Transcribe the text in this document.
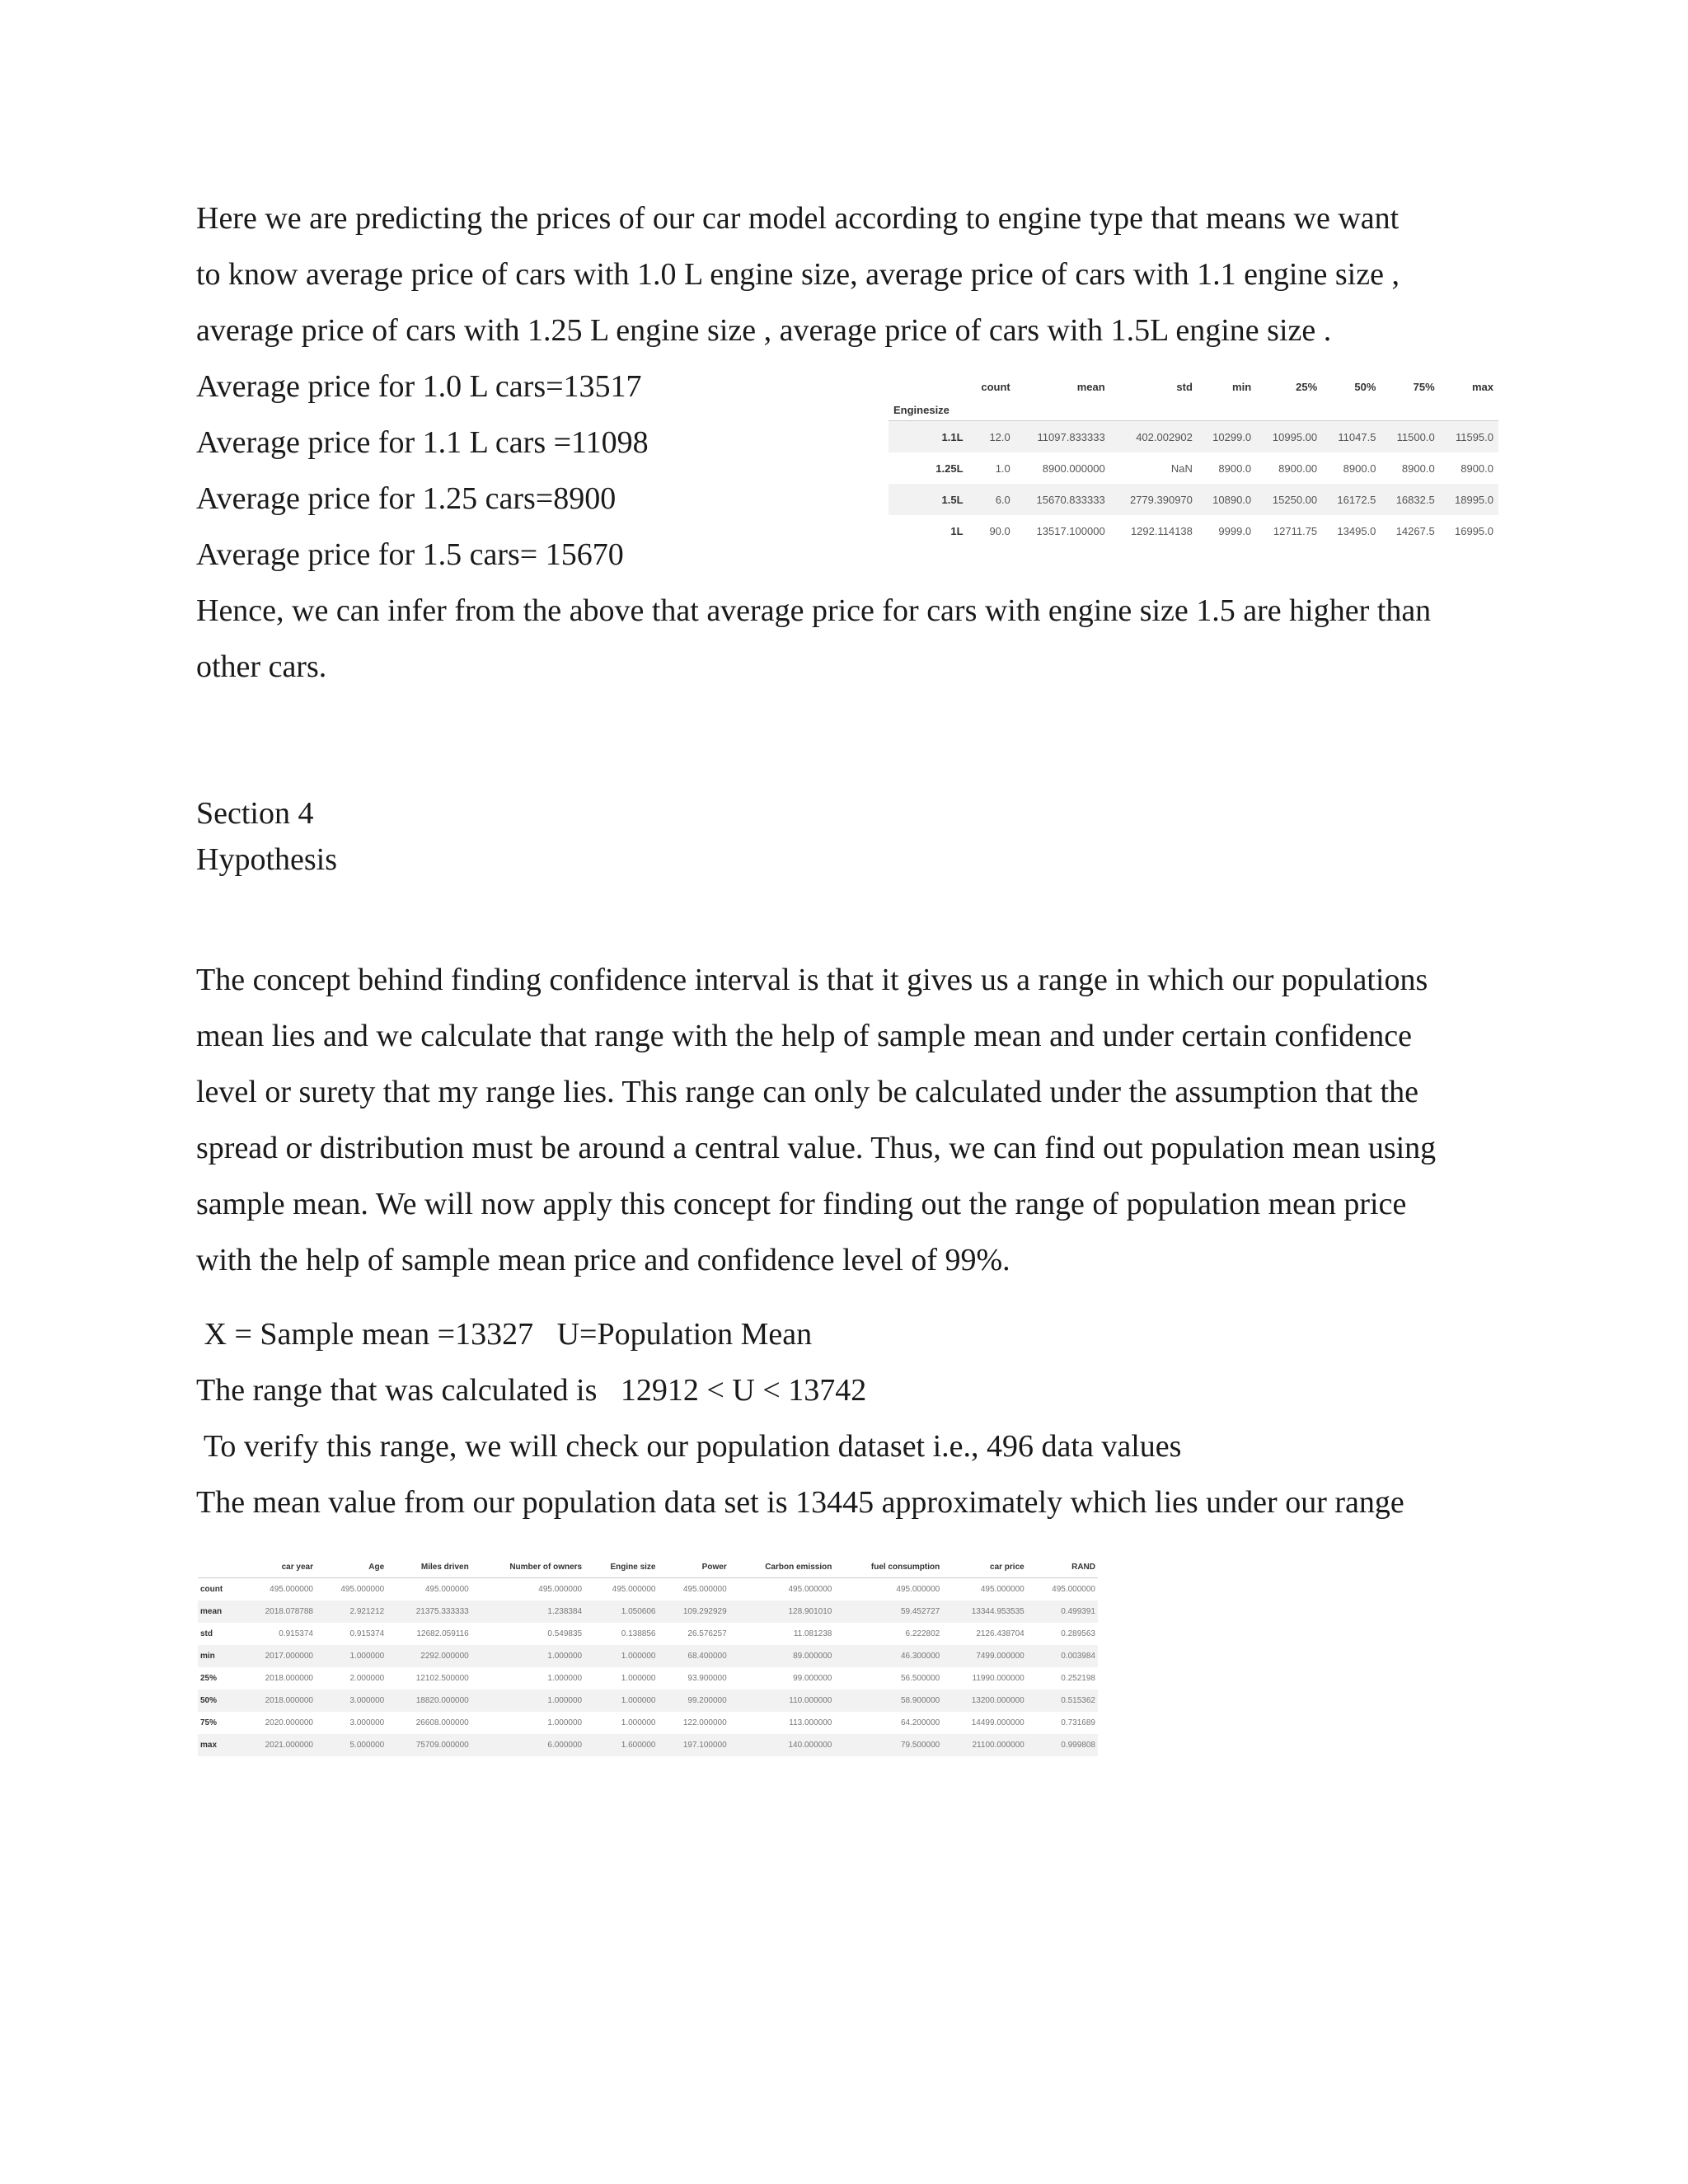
Here we are predicting the prices of our car model according to engine type that means we want
to know average price of cars with 1.0 L engine size, average price of cars with 1.1 engine size ,
average price of cars with 1.25 L engine size , average price of cars with 1.5L engine size .
Average price for 1.0 L cars=13517
Average price for 1.1 L cars =11098
Average price for 1.25 cars=8900
Average price for 1.5 cars= 15670
Hence, we can infer from the above that average price for cars with engine size 1.5 are higher than
other cars.
	count	mean	std	min	25%	50%	75%	max
Enginesize								
1.1L	12.0	11097.833333	402.002902	10299.0	10995.00	11047.5	11500.0	11595.0
1.25L	1.0	8900.000000	NaN	8900.0	8900.00	8900.0	8900.0	8900.0
1.5L	6.0	15670.833333	2779.390970	10890.0	15250.00	16172.5	16832.5	18995.0
1L	90.0	13517.100000	1292.114138	9999.0	12711.75	13495.0	14267.5	16995.0
Section 4
Hypothesis
The concept behind finding confidence interval is that it gives us a range in which our populations
mean lies and we calculate that range with the help of sample mean and under certain confidence
level or surety that my range lies. This range can only be calculated under the assumption that the
spread or distribution must be around a central value. Thus, we can find out population mean using
sample mean. We will now apply this concept for finding out the range of population mean price
with the help of sample mean price and confidence level of 99%.
X = Sample mean =13327   U=Population Mean
The range that was calculated is   12912 < U < 13742
To verify this range, we will check our population dataset i.e., 496 data values
The mean value from our population data set is 13445 approximately which lies under our range
	car year	Age	Miles driven	Number of owners	Engine size	Power	Carbon emission	fuel consumption	car price	RAND
count	495.000000	495.000000	495.000000	495.000000	495.000000	495.000000	495.000000	495.000000	495.000000	495.000000
mean	2018.078788	2.921212	21375.333333	1.238384	1.050606	109.292929	128.901010	59.452727	13344.953535	0.499391
std	0.915374	0.915374	12682.059116	0.549835	0.138856	26.576257	11.081238	6.222802	2126.438704	0.289563
min	2017.000000	1.000000	2292.000000	1.000000	1.000000	68.400000	89.000000	46.300000	7499.000000	0.003984
25%	2018.000000	2.000000	12102.500000	1.000000	1.000000	93.900000	99.000000	56.500000	11990.000000	0.252198
50%	2018.000000	3.000000	18820.000000	1.000000	1.000000	99.200000	110.000000	58.900000	13200.000000	0.515362
75%	2020.000000	3.000000	26608.000000	1.000000	1.000000	122.000000	113.000000	64.200000	14499.000000	0.731689
max	2021.000000	5.000000	75709.000000	6.000000	1.600000	197.100000	140.000000	79.500000	21100.000000	0.999808
